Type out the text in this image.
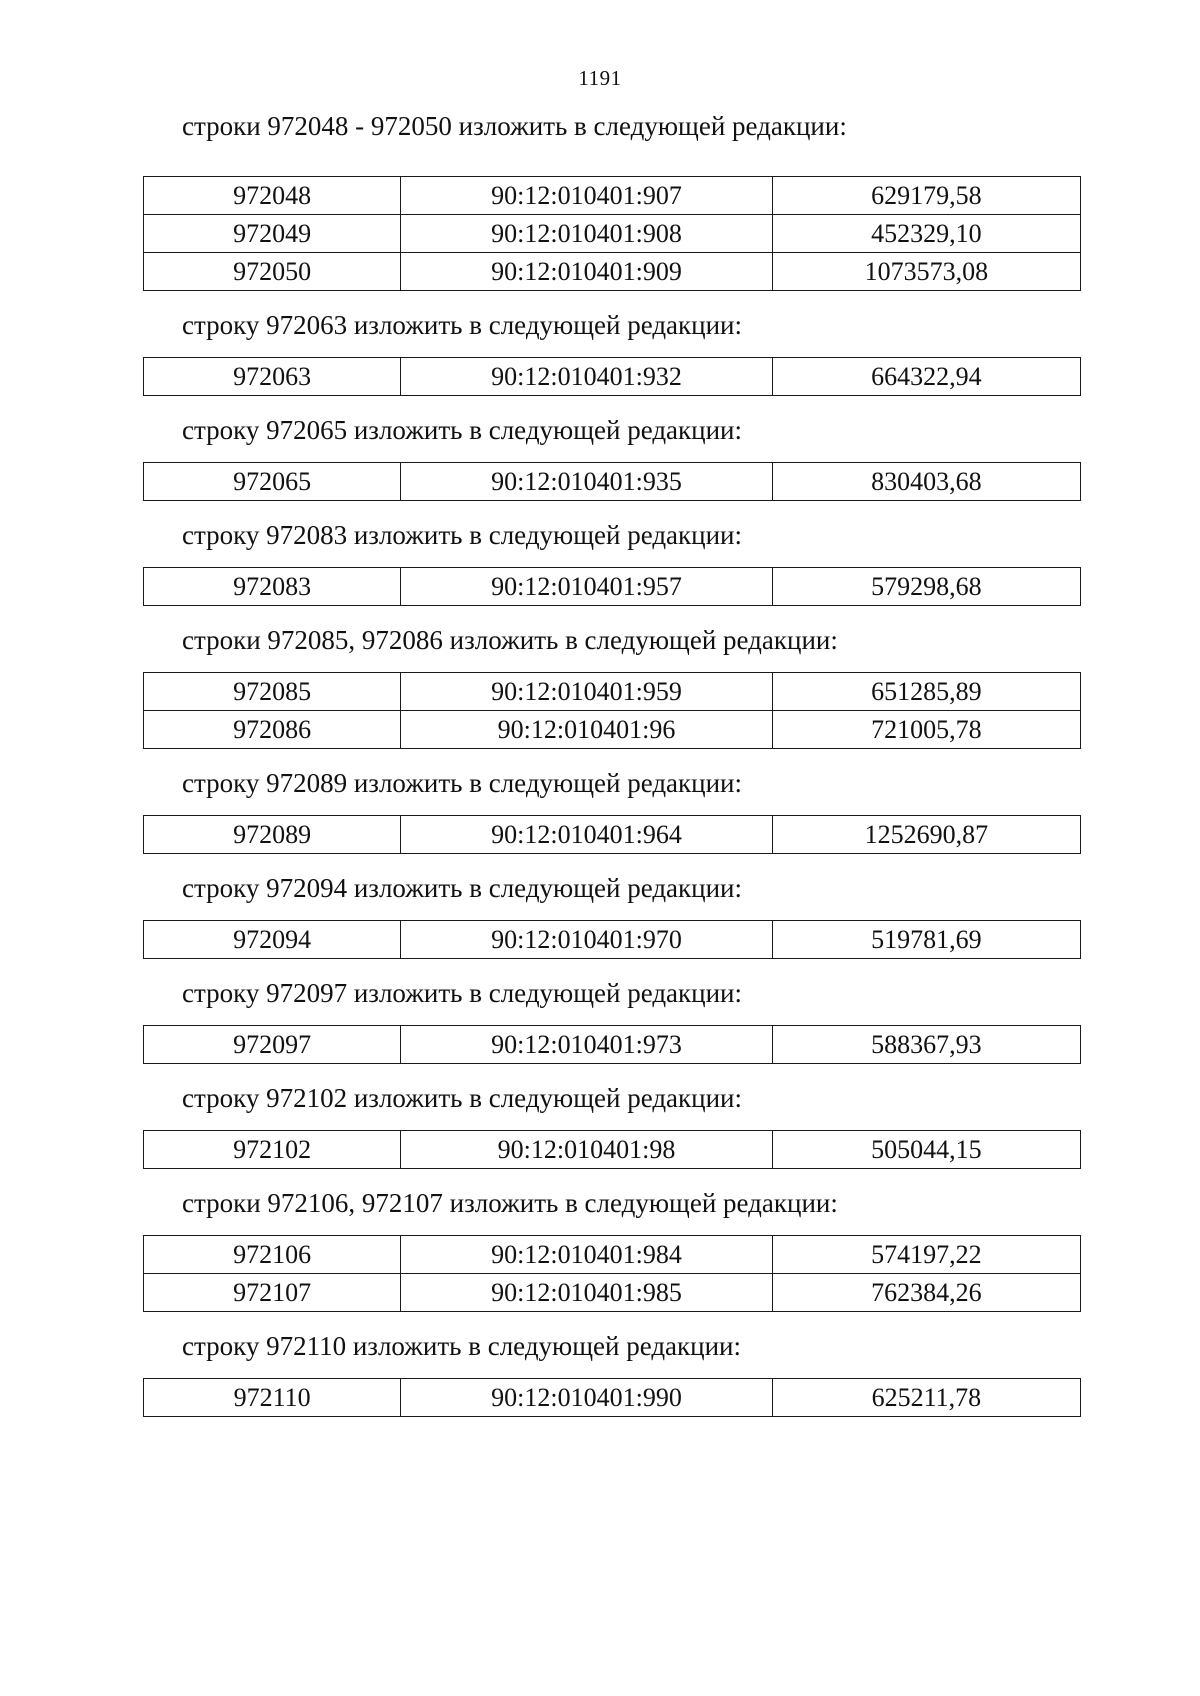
1191
строки 972048 - 972050 изложить в следующей редакции:
972048	90:12:010401:907	629179,58
972049	90:12:010401:908	452329,10
972050	90:12:010401:909	1073573,08
строку 972063 изложить в следующей редакции:
972063	90:12:010401:932	664322,94
строку 972065 изложить в следующей редакции:
972065	90:12:010401:935	830403,68
строку 972083 изложить в следующей редакции:
972083	90:12:010401:957	579298,68
строки 972085, 972086 изложить в следующей редакции:
972085	90:12:010401:959	651285,89
972086	90:12:010401:96	721005,78
строку 972089 изложить в следующей редакции:
972089	90:12:010401:964	1252690,87
строку 972094 изложить в следующей редакции:
972094	90:12:010401:970	519781,69
строку 972097 изложить в следующей редакции:
972097	90:12:010401:973	588367,93
строку 972102 изложить в следующей редакции:
972102	90:12:010401:98	505044,15
строки 972106, 972107 изложить в следующей редакции:
972106	90:12:010401:984	574197,22
972107	90:12:010401:985	762384,26
строку 972110 изложить в следующей редакции:
972110	90:12:010401:990	625211,78
